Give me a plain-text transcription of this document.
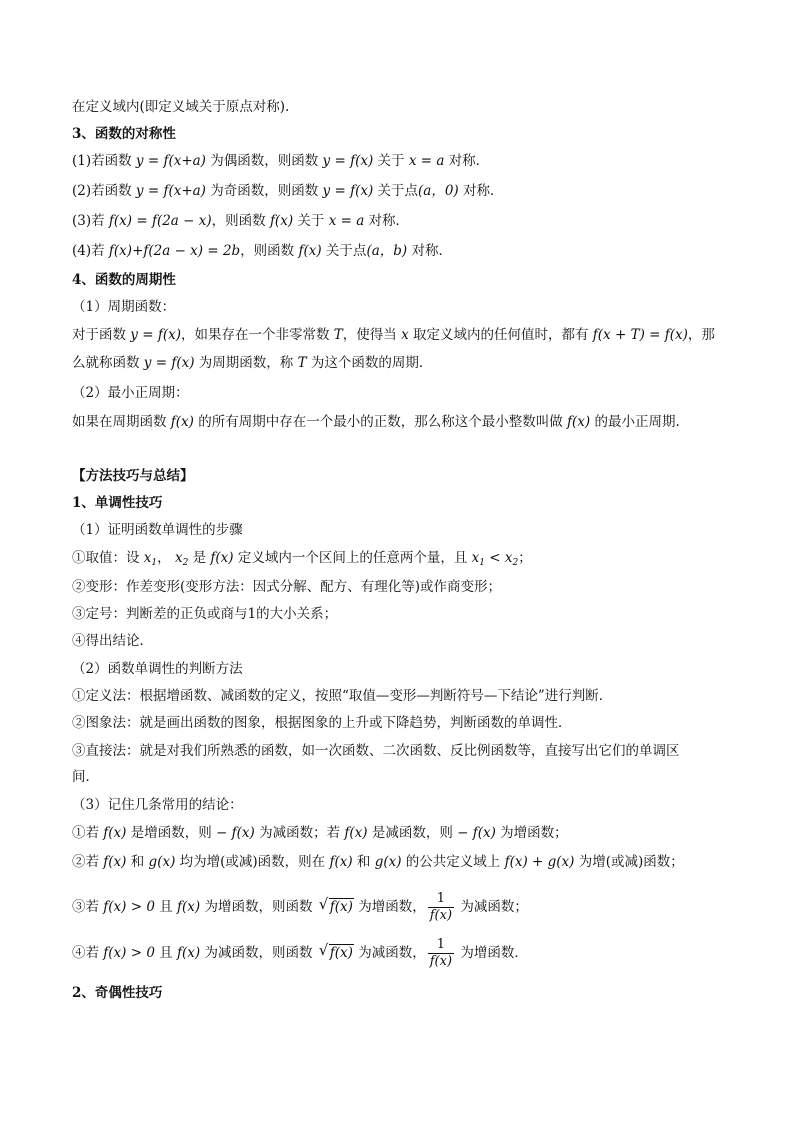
在定义域内(即定义域关于原点对称).
3、函数的对称性
(1)若函数 y = f(x+a) 为偶函数，则函数 y = f(x) 关于 x = a 对称．
(2)若函数 y = f(x+a) 为奇函数，则函数 y = f(x) 关于点(a，0) 对称．
(3)若 f(x) = f(2a − x)，则函数 f(x) 关于 x = a 对称．
(4)若 f(x)+f(2a − x) = 2b，则函数 f(x) 关于点(a，b) 对称．
4、函数的周期性
（1）周期函数：
对于函数 y = f(x)，如果存在一个非零常数 T，使得当 x 取定义域内的任何值时，都有 f(x + T) = f(x)，那
么就称函数 y = f(x) 为周期函数，称 T 为这个函数的周期.
（2）最小正周期：
如果在周期函数 f(x) 的所有周期中存在一个最小的正数，那么称这个最小整数叫做 f(x) 的最小正周期.
【方法技巧与总结】
1、单调性技巧
（1）证明函数单调性的步骤
①取值：设 $x_1$， $x_2$ 是 f(x) 定义域内一个区间上的任意两个量，且 $x_1 < x_2$；
②变形：作差变形(变形方法：因式分解、配方、有理化等)或作商变形；
③定号：判断差的正负或商与1的大小关系；
④得出结论．
（2）函数单调性的判断方法
①定义法：根据增函数、减函数的定义，按照“取值—变形—判断符号—下结论”进行判断．
②图象法：就是画出函数的图象，根据图象的上升或下降趋势，判断函数的单调性．
③直接法：就是对我们所熟悉的函数，如一次函数、二次函数、反比例函数等，直接写出它们的单调区
间．
（3）记住几条常用的结论：
①若 f(x) 是增函数，则 − f(x) 为减函数；若 f(x) 是减函数，则 − f(x) 为增函数；
②若 f(x) 和 g(x) 均为增(或减)函数，则在 f(x) 和 g(x) 的公共定义域上 f(x) + g(x) 为增(或减)函数；
③若 f(x) > 0 且 f(x) 为增函数，则函数 √ f(x) 为增函数， $\frac{1}{f(x)}$ 为减函数；
④若 f(x) > 0 且 f(x) 为减函数，则函数 √ f(x) 为减函数， $\frac{1}{f(x)}$ 为增函数．
2、奇偶性技巧
